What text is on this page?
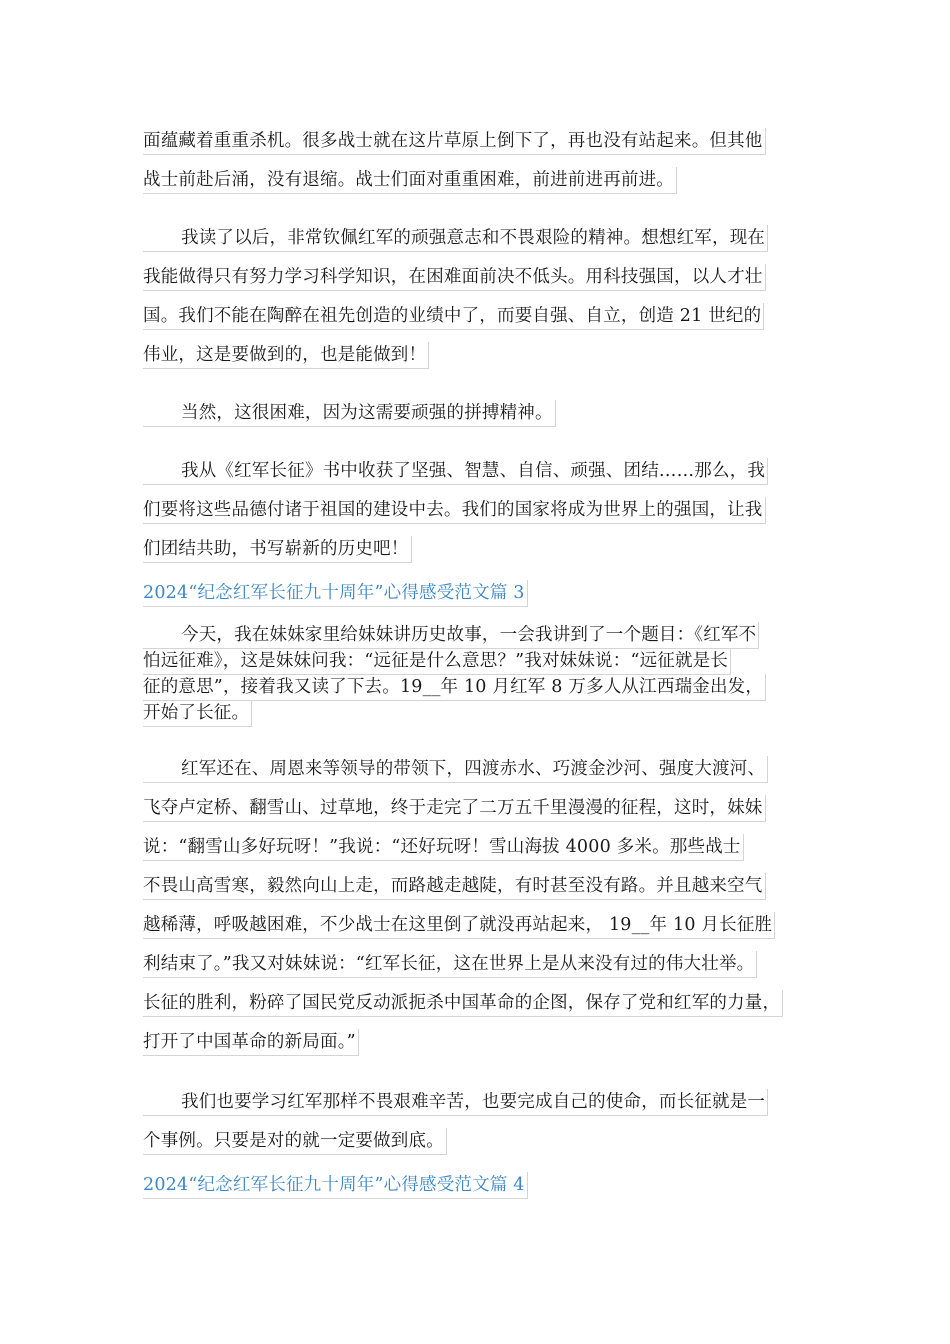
面蕴藏着重重杀机。很多战士就在这片草原上倒下了，再也没有站起来。但其他
战士前赴后涌，没有退缩。战士们面对重重困难，前进前进再前进。
我读了以后，非常钦佩红军的顽强意志和不畏艰险的精神。想想红军，现在
我能做得只有努力学习科学知识，在困难面前决不低头。用科技强国，以人才壮
国。我们不能在陶醉在祖先创造的业绩中了，而要自强、自立，创造 21 世纪的
伟业，这是要做到的，也是能做到！
当然，这很困难，因为这需要顽强的拼搏精神。
我从《红军长征》书中收获了坚强、智慧、自信、顽强、团结……那么，我
们要将这些品德付诸于祖国的建设中去。我们的国家将成为世界上的强国，让我
们团结共助，书写崭新的历史吧！
2024“纪念红军长征九十周年”心得感受范文篇 3
今天，我在妹妹家里给妹妹讲历史故事，一会我讲到了一个题目：《红军不
怕远征难》，这是妹妹问我：“远征是什么意思？”我对妹妹说：“远征就是长
征的意思”，接着我又读了下去。19__年 10 月红军 8 万多人从江西瑞金出发，
开始了长征。
红军还在、周恩来等领导的带领下，四渡赤水、巧渡金沙河、强度大渡河、
飞夺卢定桥、翻雪山、过草地，终于走完了二万五千里漫漫的征程，这时，妹妹
说：“翻雪山多好玩呀！”我说：“还好玩呀！雪山海拔 4000 多米。那些战士
不畏山高雪寒，毅然向山上走，而路越走越陡，有时甚至没有路。并且越来空气
越稀薄，呼吸越困难，不少战士在这里倒了就没再站起来， 19__年 10 月长征胜
利结束了。”我又对妹妹说：“红军长征，这在世界上是从来没有过的伟大壮举。
长征的胜利，粉碎了国民党反动派扼杀中国革命的企图，保存了党和红军的力量，
打开了中国革命的新局面。”
我们也要学习红军那样不畏艰难辛苦，也要完成自己的使命，而长征就是一
个事例。只要是对的就一定要做到底。
2024“纪念红军长征九十周年”心得感受范文篇 4
